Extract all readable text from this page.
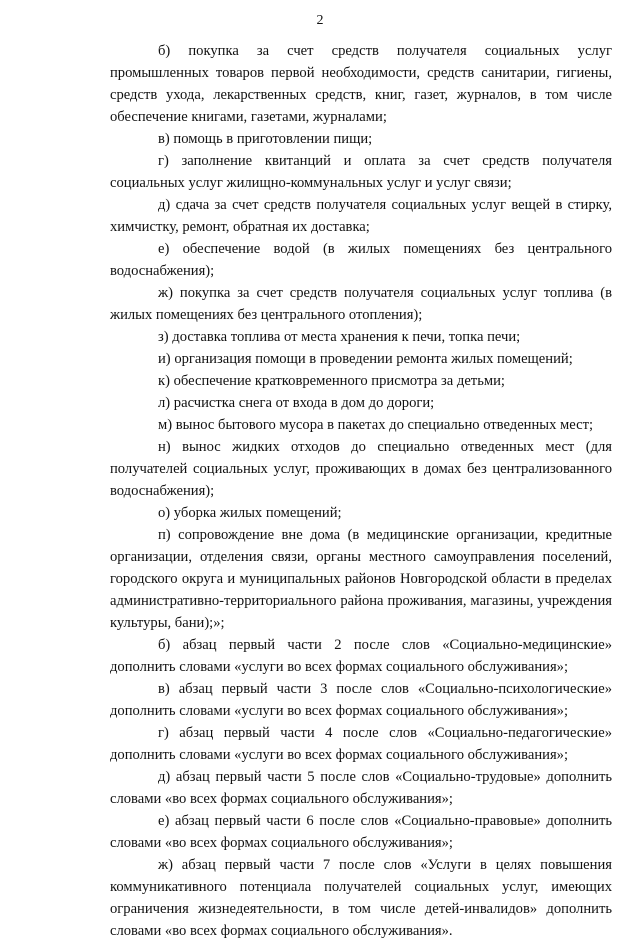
2

б) покупка за счет средств получателя социальных услуг промышленных товаров первой необходимости, средств санитарии, гигиены, средств ухода, лекарственных средств, книг, газет, журналов, в том числе обеспечение книгами, газетами, журналами;

в) помощь в приготовлении пищи;

г) заполнение квитанций и оплата за счет средств получателя социальных услуг жилищно-коммунальных услуг и услуг связи;

д) сдача за счет средств получателя социальных услуг вещей в стирку, химчистку, ремонт, обратная их доставка;

е) обеспечение водой (в жилых помещениях без центрального водоснабжения);

ж) покупка за счет средств получателя социальных услуг топлива (в жилых помещениях без центрального отопления);

з) доставка топлива от места хранения к печи, топка печи;

и) организация помощи в проведении ремонта жилых помещений;

к) обеспечение кратковременного присмотра за детьми;

л) расчистка снега от входа в дом до дороги;

м) вынос бытового мусора в пакетах до специально отведенных мест;

н) вынос жидких отходов до специально отведенных мест (для получателей социальных услуг, проживающих в домах без централизованного водоснабжения);

о) уборка жилых помещений;

п) сопровождение вне дома (в медицинские организации, кредитные организации, отделения связи, органы местного самоуправления поселений, городского округа и муниципальных районов Новгородской области в пределах административно-территориального района проживания, магазины, учреждения культуры, бани);»;

б) абзац первый части 2 после слов «Социально-медицинские» дополнить словами «услуги во всех формах социального обслуживания»;

в) абзац первый части 3 после слов «Социально-психологические» дополнить словами «услуги во всех формах социального обслуживания»;

г) абзац первый части 4 после слов «Социально-педагогические» дополнить словами «услуги во всех формах социального обслуживания»;

д) абзац первый части 5 после слов «Социально-трудовые» дополнить словами «во всех формах социального обслуживания»;

е) абзац первый части 6 после слов «Социально-правовые» дополнить словами «во всех формах социального обслуживания»;

ж) абзац первый части 7 после слов «Услуги в целях повышения коммуникативного потенциала получателей социальных услуг, имеющих ограничения жизнедеятельности, в том числе детей-инвалидов» дополнить словами «во всех формах социального обслуживания».
